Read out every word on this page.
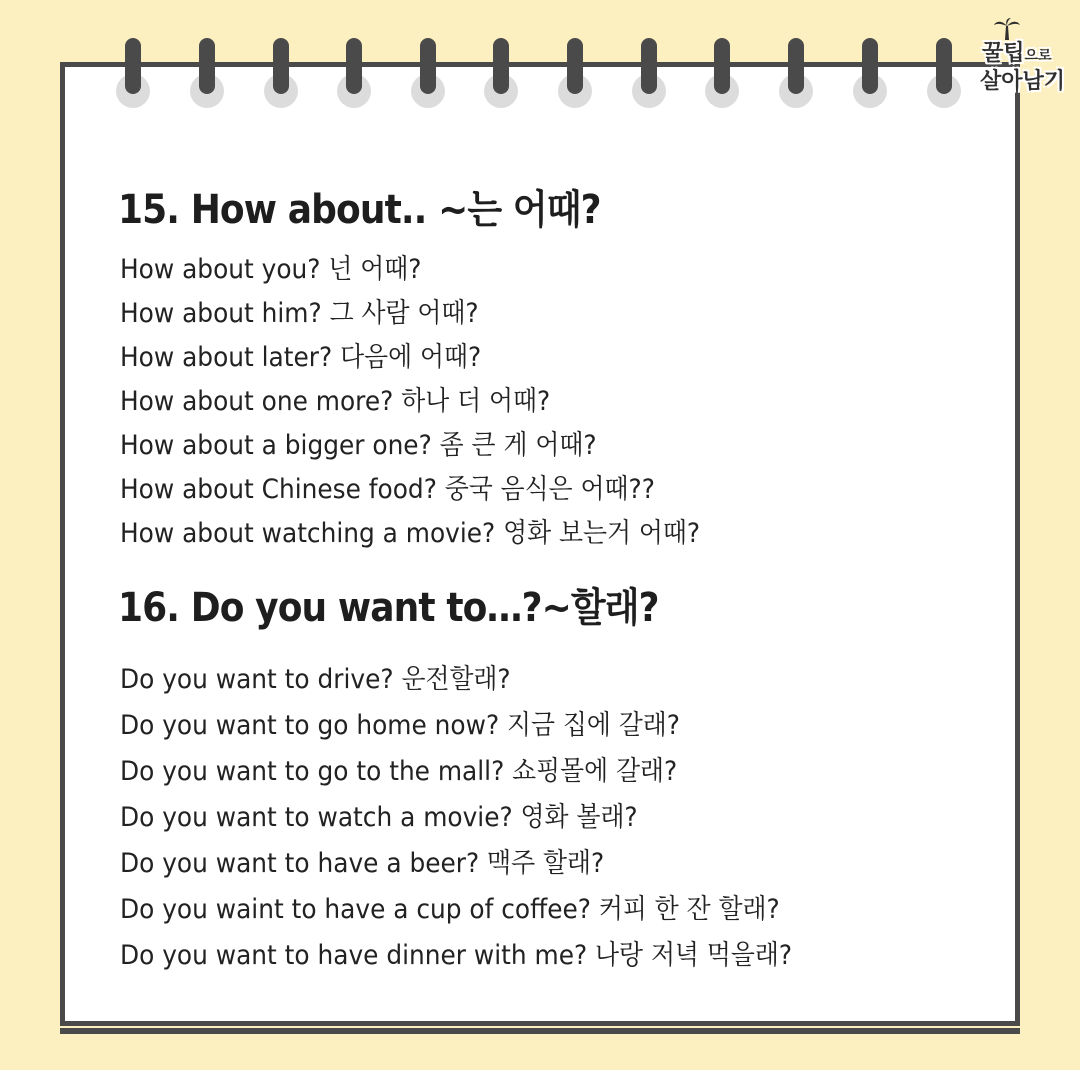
꿀팁으로
살아남기
15. How about.. ~는 어때?
How about you? 넌 어때?
How about him? 그 사람 어때?
How about later? 다음에 어때?
How about one more? 하나 더 어때?
How about a bigger one? 좀 큰 게 어때?
How about Chinese food? 중국 음식은 어때??
How about watching a movie? 영화 보는거 어때?
16. Do you want to…?~할래?
Do you want to drive? 운전할래?
Do you want to go home now? 지금 집에 갈래?
Do you want to go to the mall? 쇼핑몰에 갈래?
Do you want to watch a movie? 영화 볼래?
Do you want to have a beer? 맥주 할래?
Do you waint to have a cup of coffee? 커피 한 잔 할래?
Do you want to have dinner with me? 나랑 저녁 먹을래?
